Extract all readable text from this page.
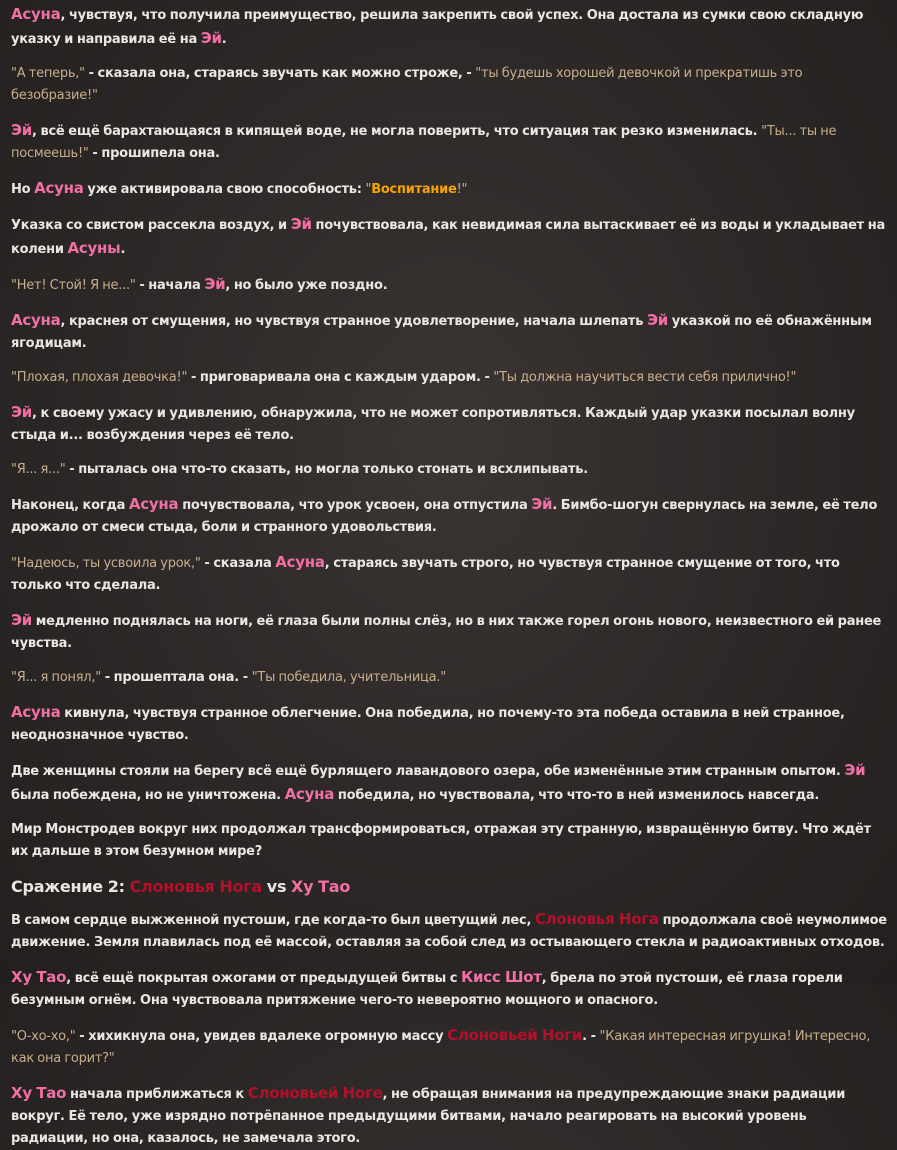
Асуна, чувствуя, что получила преимущество, решила закрепить свой успех. Она достала из сумки свою складную указку и направила её на Эй.

"А теперь," - сказала она, стараясь звучать как можно строже, - "ты будешь хорошей девочкой и прекратишь это безобразие!"

Эй, всё ещё барахтающаяся в кипящей воде, не могла поверить, что ситуация так резко изменилась. "Ты... ты не посмеешь!" - прошипела она.

Но Асуна уже активировала свою способность: "Воспитание!"

Указка со свистом рассекла воздух, и Эй почувствовала, как невидимая сила вытаскивает её из воды и укладывает на колени Асуны.

"Нет! Стой! Я не..." - начала Эй, но было уже поздно.

Асуна, краснея от смущения, но чувствуя странное удовлетворение, начала шлепать Эй указкой по её обнажённым ягодицам.

"Плохая, плохая девочка!" - приговаривала она с каждым ударом. - "Ты должна научиться вести себя прилично!"

Эй, к своему ужасу и удивлению, обнаружила, что не может сопротивляться. Каждый удар указки посылал волну стыда и... возбуждения через её тело.

"Я... я..." - пыталась она что-то сказать, но могла только стонать и всхлипывать.

Наконец, когда Асуна почувствовала, что урок усвоен, она отпустила Эй. Бимбо-шогун свернулась на земле, её тело дрожало от смеси стыда, боли и странного удовольствия.

"Надеюсь, ты усвоила урок," - сказала Асуна, стараясь звучать строго, но чувствуя странное смущение от того, что только что сделала.

Эй медленно поднялась на ноги, её глаза были полны слёз, но в них также горел огонь нового, неизвестного ей ранее чувства.

"Я... я понял," - прошептала она. - "Ты победила, учительница."

Асуна кивнула, чувствуя странное облегчение. Она победила, но почему-то эта победа оставила в ней странное, неоднозначное чувство.

Две женщины стояли на берегу всё ещё бурлящего лавандового озера, обе изменённые этим странным опытом. Эй была побеждена, но не уничтожена. Асуна победила, но чувствовала, что что-то в ней изменилось навсегда.

Мир Монстродев вокруг них продолжал трансформироваться, отражая эту странную, извращённую битву. Что ждёт их дальше в этом безумном мире?

Сражение 2: Слоновья Нога vs Ху Тао

В самом сердце выжженной пустоши, где когда-то был цветущий лес, Слоновья Нога продолжала своё неумолимое движение. Земля плавилась под её массой, оставляя за собой след из остывающего стекла и радиоактивных отходов.

Ху Тао, всё ещё покрытая ожогами от предыдущей битвы с Кисс Шот, брела по этой пустоши, её глаза горели безумным огнём. Она чувствовала притяжение чего-то невероятно мощного и опасного.

"О-хо-хо," - хихикнула она, увидев вдалеке огромную массу Слоновьей Ноги. - "Какая интересная игрушка! Интересно, как она горит?"

Ху Тао начала приближаться к Слоновьей Ноге, не обращая внимания на предупреждающие знаки радиации вокруг. Её тело, уже изрядно потрёпанное предыдущими битвами, начало реагировать на высокий уровень радиации, но она, казалось, не замечала этого.
